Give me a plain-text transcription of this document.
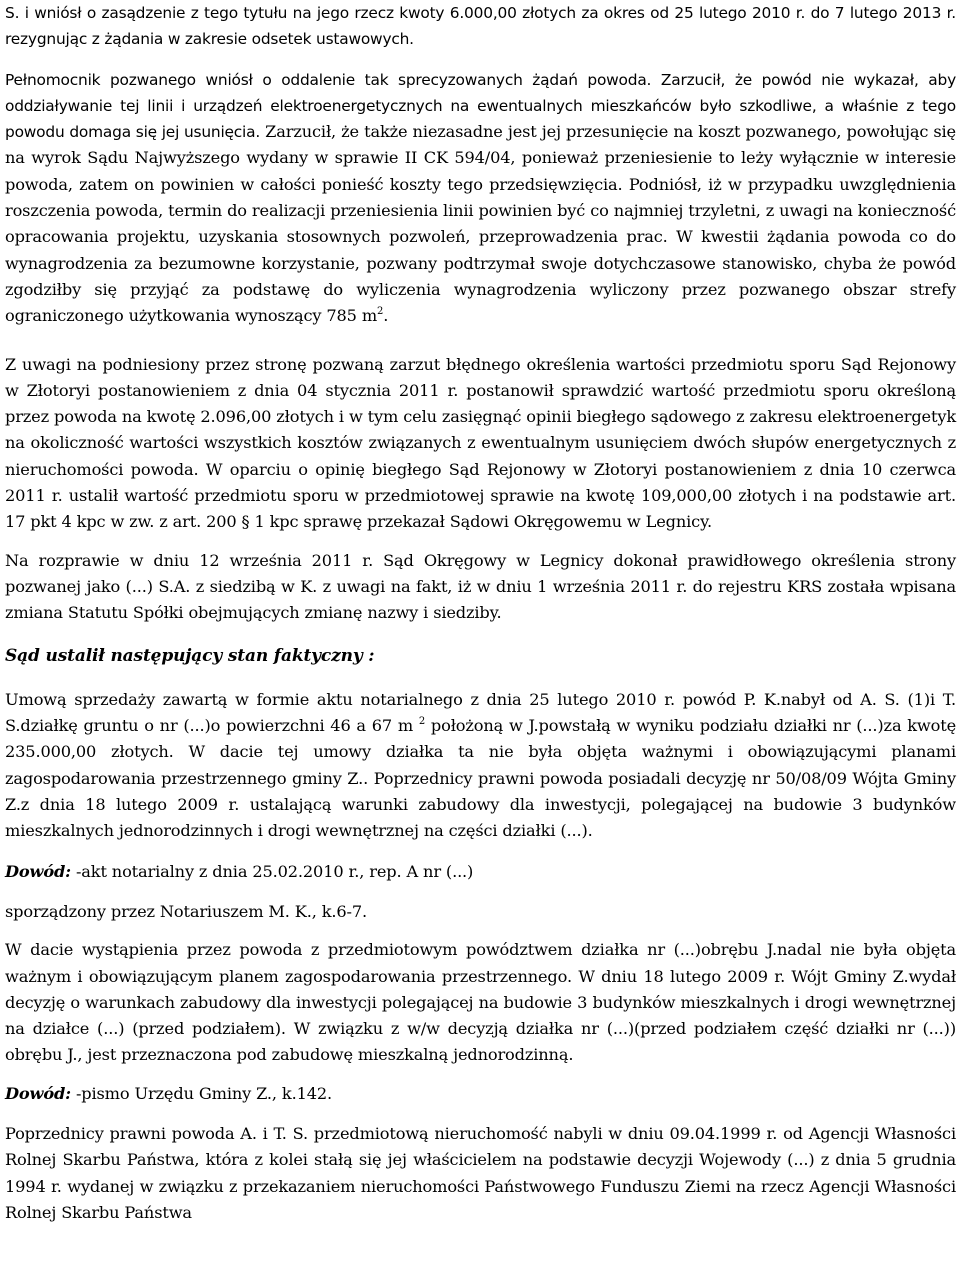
S. i wniósł o zasądzenie z tego tytułu na jego rzecz kwoty 6.000,00 złotych za okres od 25 lutego 2010 r. do 7 lutego 2013 r. rezygnując z żądania w zakresie odsetek ustawowych.

Pełnomocnik pozwanego wniósł o oddalenie tak sprecyzowanych żądań powoda. Zarzucił, że powód nie wykazał, aby oddziaływanie tej linii i urządzeń elektroenergetycznych na ewentualnych mieszkańców było szkodliwe, a właśnie z tego powodu domaga się jej usunięcia. Zarzucił, że także niezasadne jest jej przesunięcie na koszt pozwanego, powołując się na wyrok Sądu Najwyższego wydany w sprawie II CK 594/04, ponieważ przeniesienie to leży wyłącznie w interesie powoda, zatem on powinien w całości ponieść koszty tego przedsięwzięcia. Podniósł, iż w przypadku uwzględnienia roszczenia powoda, termin do realizacji przeniesienia linii powinien być co najmniej trzyletni, z uwagi na konieczność opracowania projektu, uzyskania stosownych pozwoleń, przeprowadzenia prac. W kwestii żądania powoda co do wynagrodzenia za bezumowne korzystanie, pozwany podtrzymał swoje dotychczasowe stanowisko, chyba że powód zgodziłby się przyjąć za podstawę do wyliczenia wynagrodzenia wyliczony przez pozwanego obszar strefy ograniczonego użytkowania wynoszący 785 $m^2$.

Z uwagi na podniesiony przez stronę pozwaną zarzut błędnego określenia wartości przedmiotu sporu Sąd Rejonowy w Złotoryi postanowieniem z dnia 04 stycznia 2011 r. postanowił sprawdzić wartość przedmiotu sporu określoną przez powoda na kwotę 2.096,00 złotych i w tym celu zasięgnąć opinii biegłego sądowego z zakresu elektroenergetyk na okoliczność wartości wszystkich kosztów związanych z ewentualnym usunięciem dwóch słupów energetycznych z nieruchomości powoda. W oparciu o opinię biegłego Sąd Rejonowy w Złotoryi postanowieniem z dnia 10 czerwca 2011 r. ustalił wartość przedmiotu sporu w przedmiotowej sprawie na kwotę 109,000,00 złotych i na podstawie art. 17 pkt 4 kpc w zw. z art. 200 § 1 kpc sprawę przekazał Sądowi Okręgowemu w Legnicy.

Na rozprawie w dniu 12 września 2011 r. Sąd Okręgowy w Legnicy dokonał prawidłowego określenia strony pozwanej jako (...) S.A. z siedzibą w K. z uwagi na fakt, iż w dniu 1 września 2011 r. do rejestru KRS została wpisana zmiana Statutu Spółki obejmujących zmianę nazwy i siedziby.

Sąd ustalił następujący stan faktyczny :

Umową sprzedaży zawartą w formie aktu notarialnego z dnia 25 lutego 2010 r. powód P. K.nabył od A. S. (1)i T. S.działkę gruntu o nr (...)o powierzchni 46 a 67 m $^2$ położoną w J.powstałą w wyniku podziału działki nr (...)za kwotę 235.000,00 złotych. W dacie tej umowy działka ta nie była objęta ważnymi i obowiązującymi planami zagospodarowania przestrzennego gminy Z.. Poprzednicy prawni powoda posiadali decyzję nr 50/08/09 Wójta Gminy Z.z dnia 18 lutego 2009 r. ustalającą warunki zabudowy dla inwestycji, polegającej na budowie 3 budynków mieszkalnych jednorodzinnych i drogi wewnętrznej na części działki (...).

Dowód: -akt notarialny z dnia 25.02.2010 r., rep. A nr (...)

sporządzony przez Notariuszem M. K., k.6-7.

W dacie wystąpienia przez powoda z przedmiotowym powództwem działka nr (...)obrębu J.nadal nie była objęta ważnym i obowiązującym planem zagospodarowania przestrzennego. W dniu 18 lutego 2009 r. Wójt Gminy Z.wydał decyzję o warunkach zabudowy dla inwestycji polegającej na budowie 3 budynków mieszkalnych i drogi wewnętrznej na działce (...) (przed podziałem). W związku z w/w decyzją działka nr (...)(przed podziałem część działki nr (...)) obrębu J., jest przeznaczona pod zabudowę mieszkalną jednorodzinną.

Dowód: -pismo Urzędu Gminy Z., k.142.

Poprzednicy prawni powoda A. i T. S. przedmiotową nieruchomość nabyli w dniu 09.04.1999 r. od Agencji Własności Rolnej Skarbu Państwa, która z kolei stałą się jej właścicielem na podstawie decyzji Wojewody (...) z dnia 5 grudnia 1994 r. wydanej w związku z przekazaniem nieruchomości Państwowego Funduszu Ziemi na rzecz Agencji Własności Rolnej Skarbu Państwa
